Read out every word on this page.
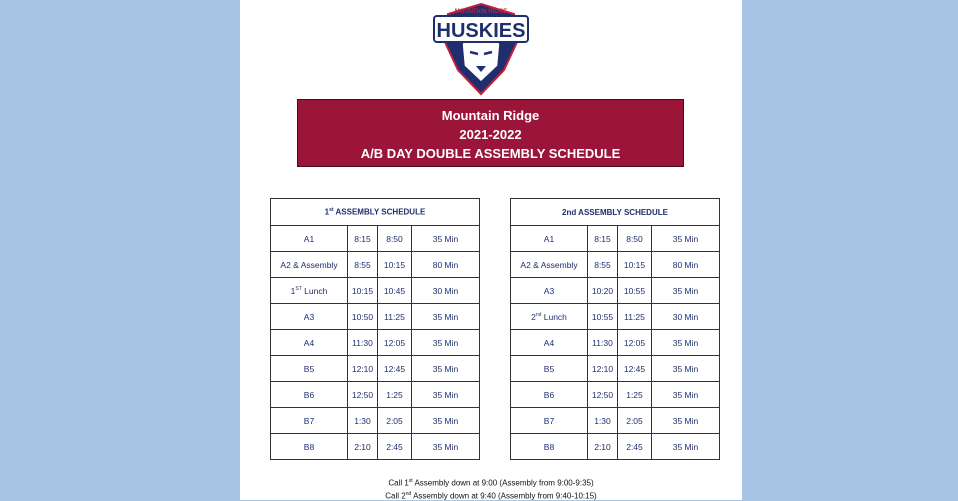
MOUNTAIN RIDGE
HUSKIES
Mountain Ridge
2021-2022
A/B DAY DOUBLE ASSEMBLY SCHEDULE
1st ASSEMBLY SCHEDULE			
A1	8:15	8:50	35 Min
A2 & Assembly	8:55	10:15	80 Min
1ST Lunch	10:15	10:45	30 Min
A3	10:50	11:25	35 Min
A4	11:30	12:05	35 Min
B5	12:10	12:45	35 Min
B6	12:50	1:25	35 Min
B7	1:30	2:05	35 Min
B8	2:10	2:45	35 Min
2nd ASSEMBLY SCHEDULE			
A1	8:15	8:50	35 Min
A2 & Assembly	8:55	10:15	80 Min
A3	10:20	10:55	35 Min
2nd Lunch	10:55	11:25	30 Min
A4	11:30	12:05	35 Min
B5	12:10	12:45	35 Min
B6	12:50	1:25	35 Min
B7	1:30	2:05	35 Min
B8	2:10	2:45	35 Min
Call 1st Assembly down at 9:00 (Assembly from 9:00-9:35)
Call 2nd Assembly down at 9:40 (Assembly from 9:40-10:15)
